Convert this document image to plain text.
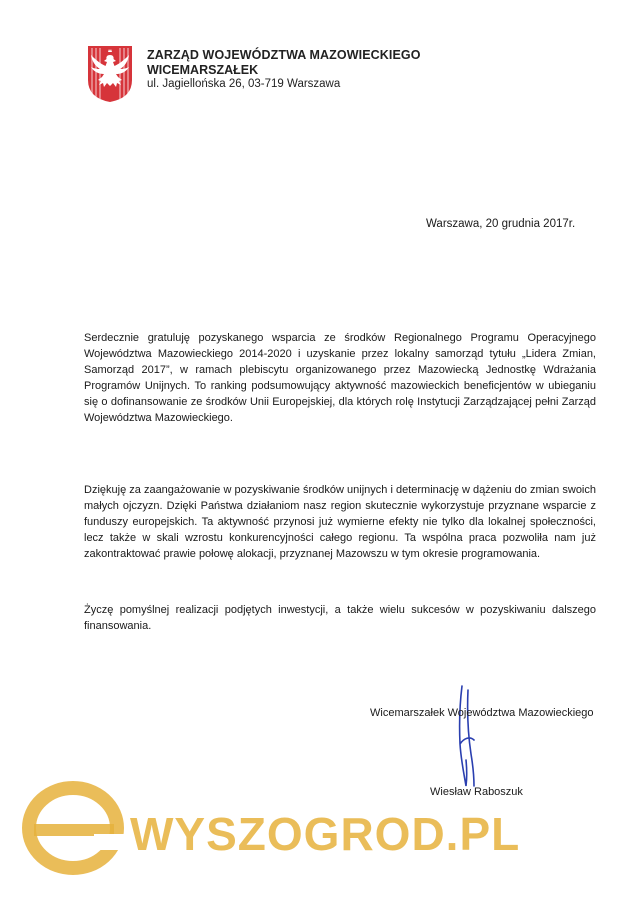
ZARZĄD WOJEWÓDZTWA MAZOWIECKIEGO
WICEMARSZAŁEK
ul. Jagiellońska 26, 03-719 Warszawa
Warszawa, 20 grudnia 2017r.
Serdecznie gratuluję pozyskanego wsparcia ze środków Regionalnego Programu Operacyjnego Województwa Mazowieckiego 2014-2020 i uzyskanie przez lokalny samorząd tytułu „Lidera Zmian, Samorząd 2017”, w ramach plebiscytu organizowanego przez Mazowiecką Jednostkę Wdrażania Programów Unijnych. To ranking podsumowujący aktywność mazowieckich beneficjentów w ubieganiu się o dofinansowanie ze środków Unii Europejskiej, dla których rolę Instytucji Zarządzającej pełni Zarząd Województwa Mazowieckiego.
Dziękuję za zaangażowanie w pozyskiwanie środków unijnych i determinację w dążeniu do zmian swoich małych ojczyzn. Dzięki Państwa działaniom nasz region skutecznie wykorzystuje przyznane wsparcie z funduszy europejskich. Ta aktywność przynosi już wymierne efekty nie tylko dla lokalnej społeczności, lecz także w skali wzrostu konkurencyjności całego regionu. Ta wspólna praca pozwoliła nam już zakontraktować prawie połowę alokacji, przyznanej Mazowszu w tym okresie programowania.
Życzę pomyślnej realizacji podjętych inwestycji, a także wielu sukcesów w pozyskiwaniu dalszego finansowania.
Wicemarszałek Województwa Mazowieckiego
Wiesław Raboszuk
WYSZOGROD.PL
